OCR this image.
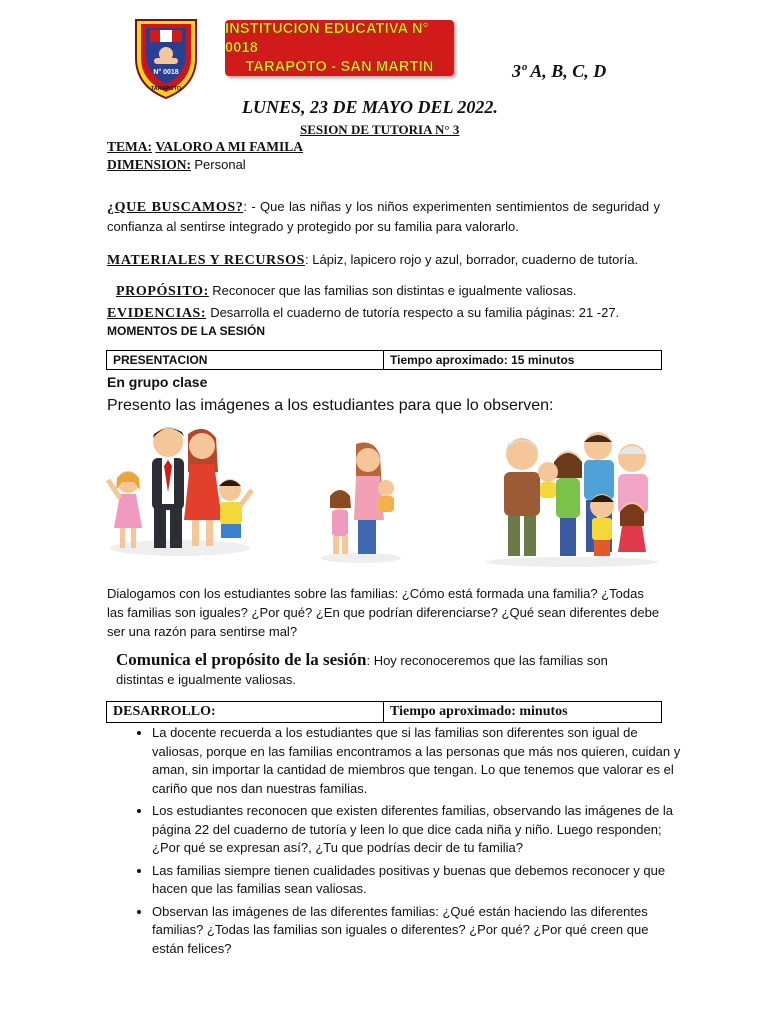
N° 0018
TARAPOTO
INSTITUCION EDUCATIVA N° 0018
TARAPOTO - SAN MARTIN	3º A, B, C, D
LUNES, 23 DE MAYO DEL 2022.
SESION DE TUTORIA N° 3
TEMA: VALORO A MI FAMILA
DIMENSION: Personal
¿QUE BUSCAMOS?: - Que las niñas y los niños experimenten sentimientos de seguridad y confianza al sentirse integrado y protegido por su familia para valorarlo.
MATERIALES Y RECURSOS: Lápiz, lapicero rojo y azul, borrador, cuaderno de tutoría.
PROPÓSITO: Reconocer que las familias son distintas e igualmente valiosas.
EVIDENCIAS: Desarrolla el cuaderno de tutoría respecto a su familia páginas: 21 -27.
MOMENTOS DE LA SESIÓN
PRESENTACION	Tiempo aproximado: 15 minutos
En grupo clase
Presento las imágenes a los estudiantes para que lo observen:
Dialogamos con los estudiantes sobre las familias: ¿Cómo está formada una familia? ¿Todas las familias son iguales? ¿Por qué? ¿En que podrían diferenciarse? ¿Qué sean diferentes debe ser una razón para sentirse mal?
Comunica el propósito de la sesión: Hoy reconoceremos que las familias son distintas e igualmente valiosas.
DESARROLLO:	Tiempo aproximado: minutos
• La docente recuerda a los estudiantes que si las familias son diferentes son igual de valiosas, porque en las familias encontramos a las personas que más nos quieren, cuidan y aman, sin importar la cantidad de miembros que tengan. Lo que tenemos que valorar es el cariño que nos dan nuestras familias.
• Los estudiantes reconocen que existen diferentes familias, observando las imágenes de la página 22 del cuaderno de tutoría y leen lo que dice cada niña y niño. Luego responden; ¿Por qué se expresan así?, ¿Tu que podrías decir de tu familia?
• Las familias siempre tienen cualidades positivas y buenas que debemos reconocer y que hacen que las familias sean valiosas.
• Observan las imágenes de las diferentes familias: ¿Qué están haciendo las diferentes familias? ¿Todas las familias son iguales o diferentes? ¿Por qué? ¿Por qué creen que están felices?
